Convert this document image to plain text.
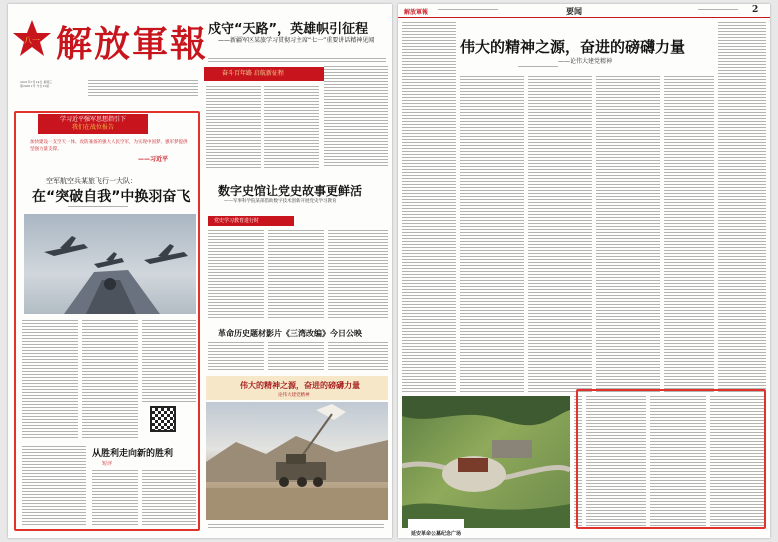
八一 解放軍報
2021年7月14日 星期三
第24811号 今日12版
戍守“天路”，英雄帜引征程
——新疆军区某旅学习贯彻习主席“七一”重要讲话精神见闻
奋斗百年路 启航新征程
学习近平强军思想指引下
我们在战位报告
加快建设一支空天一体、攻防兼备的强大人民空军，为实现中国梦、强军梦提供坚强力量支撑。
——习近平
空军航空兵某旅飞行一大队：
在“突破自我”中换羽奋飞
从胜利走向新的胜利
短评
数字史馆让党史故事更鲜活
——军事科学院某部借助数字技术创新开展党史学习教育
党史学习教育进行时
革命历史题材影片《三湾改编》今日公映
伟大的精神之源，奋进的磅礴力量
论伟大建党精神
解放軍報	要闻	2
伟大的精神之源，奋进的磅礴力量
——论伟大建党精神
延安革命公墓纪念广场
